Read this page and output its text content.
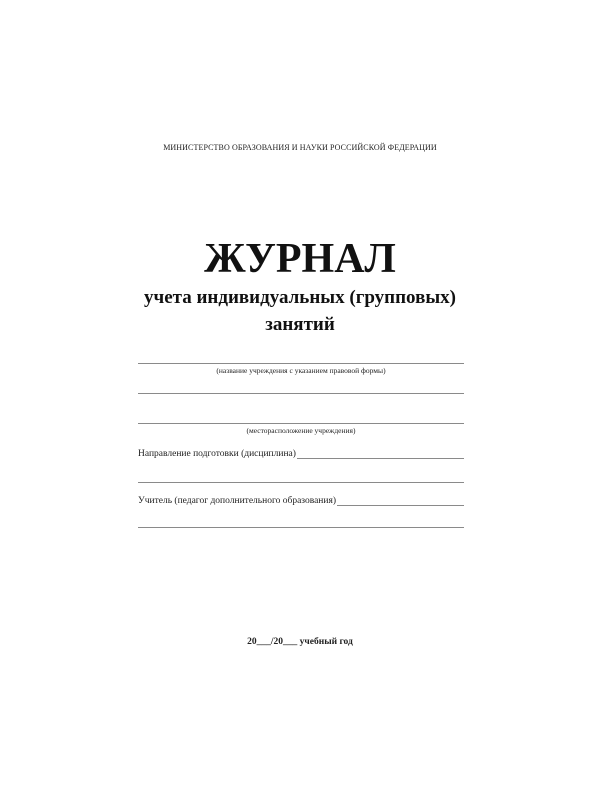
МИНИСТЕРСТВО ОБРАЗОВАНИЯ И НАУКИ РОССИЙСКОЙ ФЕДЕРАЦИИ
ЖУРНАЛ
учета индивидуальных (групповых)
занятий
(название учреждения с указанием правовой формы)
(месторасположение учреждения)
Направление подготовки (дисциплина)
Учитель (педагог дополнительного образования)
20___/20___ учебный год
